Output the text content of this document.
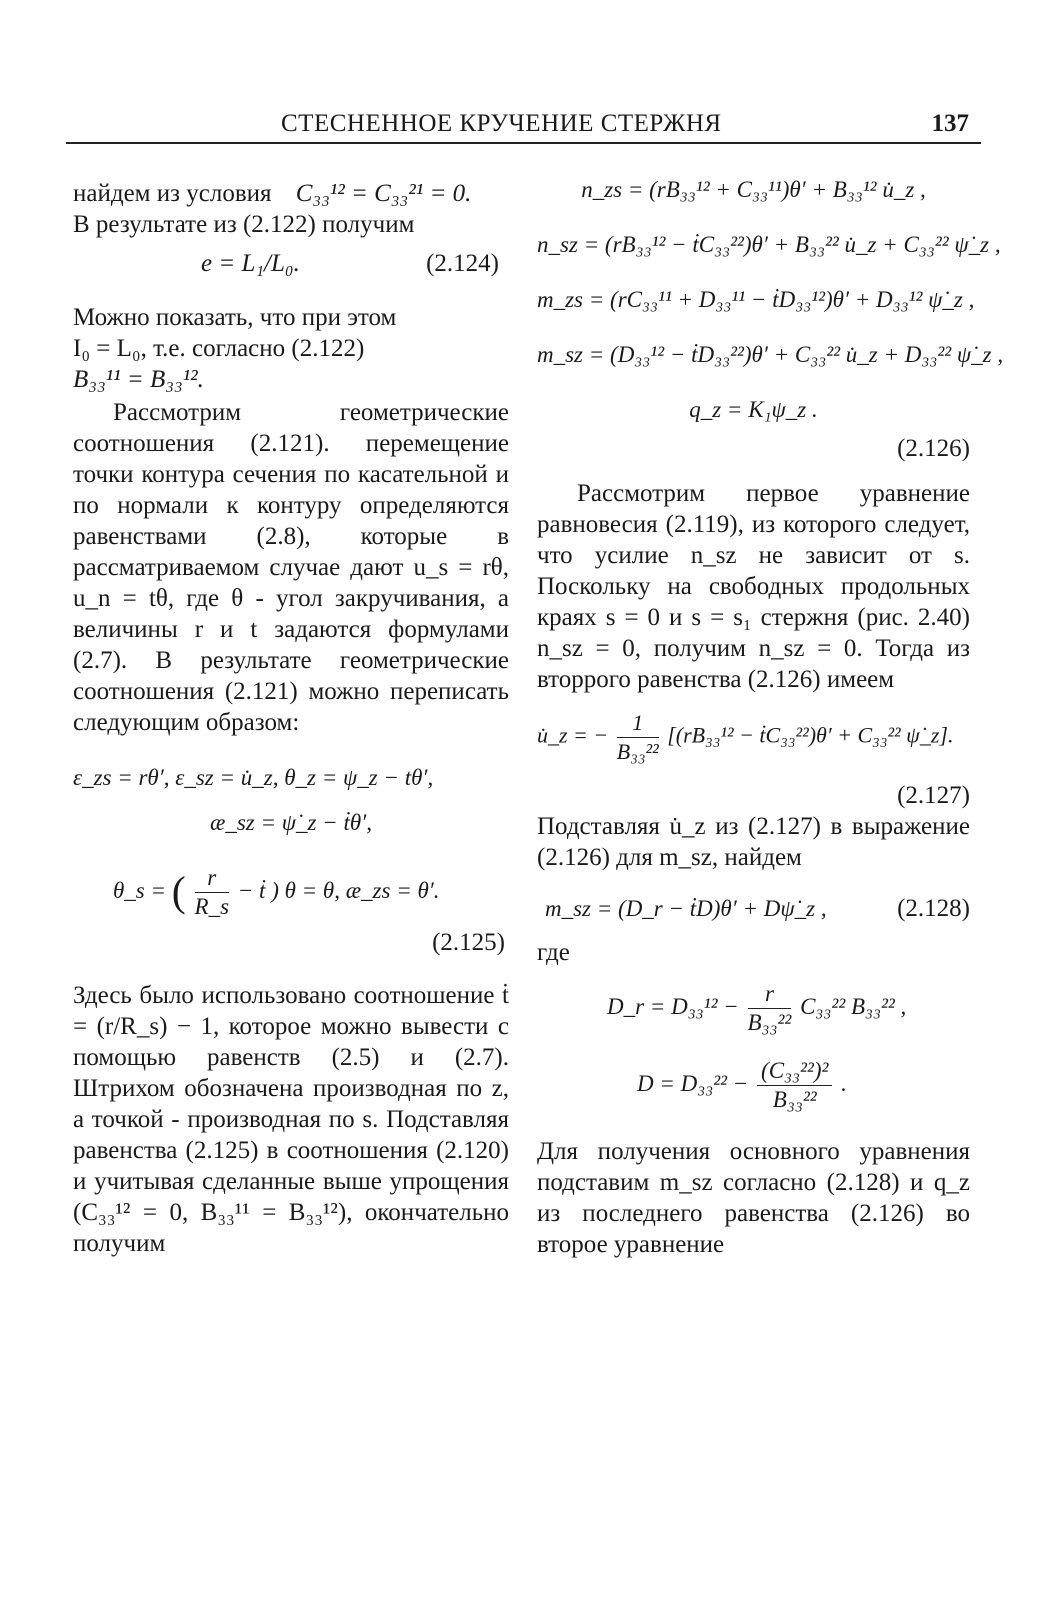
СТЕСНЕННОЕ КРУЧЕНИЕ СТЕРЖНЯ	137

найдем из условия C₃₃¹² = C₃₃²¹ = 0.

В результате из (2.122) получим

e = L₁/L₀.	(2.124)

Можно показать, что при этом
I₀ = L₀, т.е. согласно (2.122)
B₃₃¹¹ = B₃₃¹².

Рассмотрим геометрические соотношения (2.121). перемещение точки контура сечения по касательной и по нормали к контуру определяются равенствами (2.8), которые в рассматриваемом случае дают u_s = rθ, u_n = tθ, где θ - угол закручивания, а величины r и t задаются формулами (2.7). В результате геометрические соотношения (2.121) можно переписать следующим образом:

ε_zs = rθ′, ε_sz = u̇_z, θ_z = ψ_z − tθ′,

æ_sz = ψ̇_z − ṫθ′,

θ_s = ( $\frac{r}{R\_s}$ − ṫ ) θ = θ, æ_zs = θ′.

(2.125)

Здесь было использовано соотношение ṫ = (r/R_s) − 1, которое можно вывести с помощью равенств (2.5) и (2.7). Штрихом обозначена производная по z, а точкой - производная по s. Подставляя равенства (2.125) в соотношения (2.120) и учитывая сделанные выше упрощения (C₃₃¹² = 0, B₃₃¹¹ = B₃₃¹²), окончательно получим

n_zs = (rB₃₃¹² + C₃₃¹¹)θ′ + B₃₃¹² u̇_z ,

n_sz = (rB₃₃¹² − ṫC₃₃²²)θ′ + B₃₃²² u̇_z + C₃₃²² ψ̇_z ,

m_zs = (rC₃₃¹¹ + D₃₃¹¹ − ṫD₃₃¹²)θ′ + D₃₃¹² ψ̇_z ,

m_sz = (D₃₃¹² − ṫD₃₃²²)θ′ + C₃₃²² u̇_z + D₃₃²² ψ̇_z ,

q_z = K₁ψ_z .

(2.126)

Рассмотрим первое уравнение равновесия (2.119), из которого следует, что усилие n_sz не зависит от s. Поскольку на свободных продольных краях s = 0 и s = s₁ стержня (рис. 2.40) n_sz = 0, получим n_sz = 0. Тогда из вторрого равенства (2.126) имеем

u̇_z = − $\frac{1}{\text{B₃₃²²}} [(rB_{33}^{12}$ − ṫC₃₃²²)θ′ + C₃₃²² ψ̇_z].

(2.127)

Подставляя u̇_z из (2.127) в выражение (2.126) для m_sz, найдем

m_sz = (D_r − ṫD)θ′ + Dψ̇_z ,	(2.128)

где

D_r = $D_{33}^{12} - \frac{r}{\text{B₃₃²²}} C_{33}^{22}$ B₃₃²² ,

$D = D_{33}^{22} - \frac{\text{(C₃₃²²)²}}{\text{B₃₃²²}}$ .

Для получения основного уравнения подставим m_sz согласно (2.128) и q_z из последнего равенства (2.126) во второе уравнение
